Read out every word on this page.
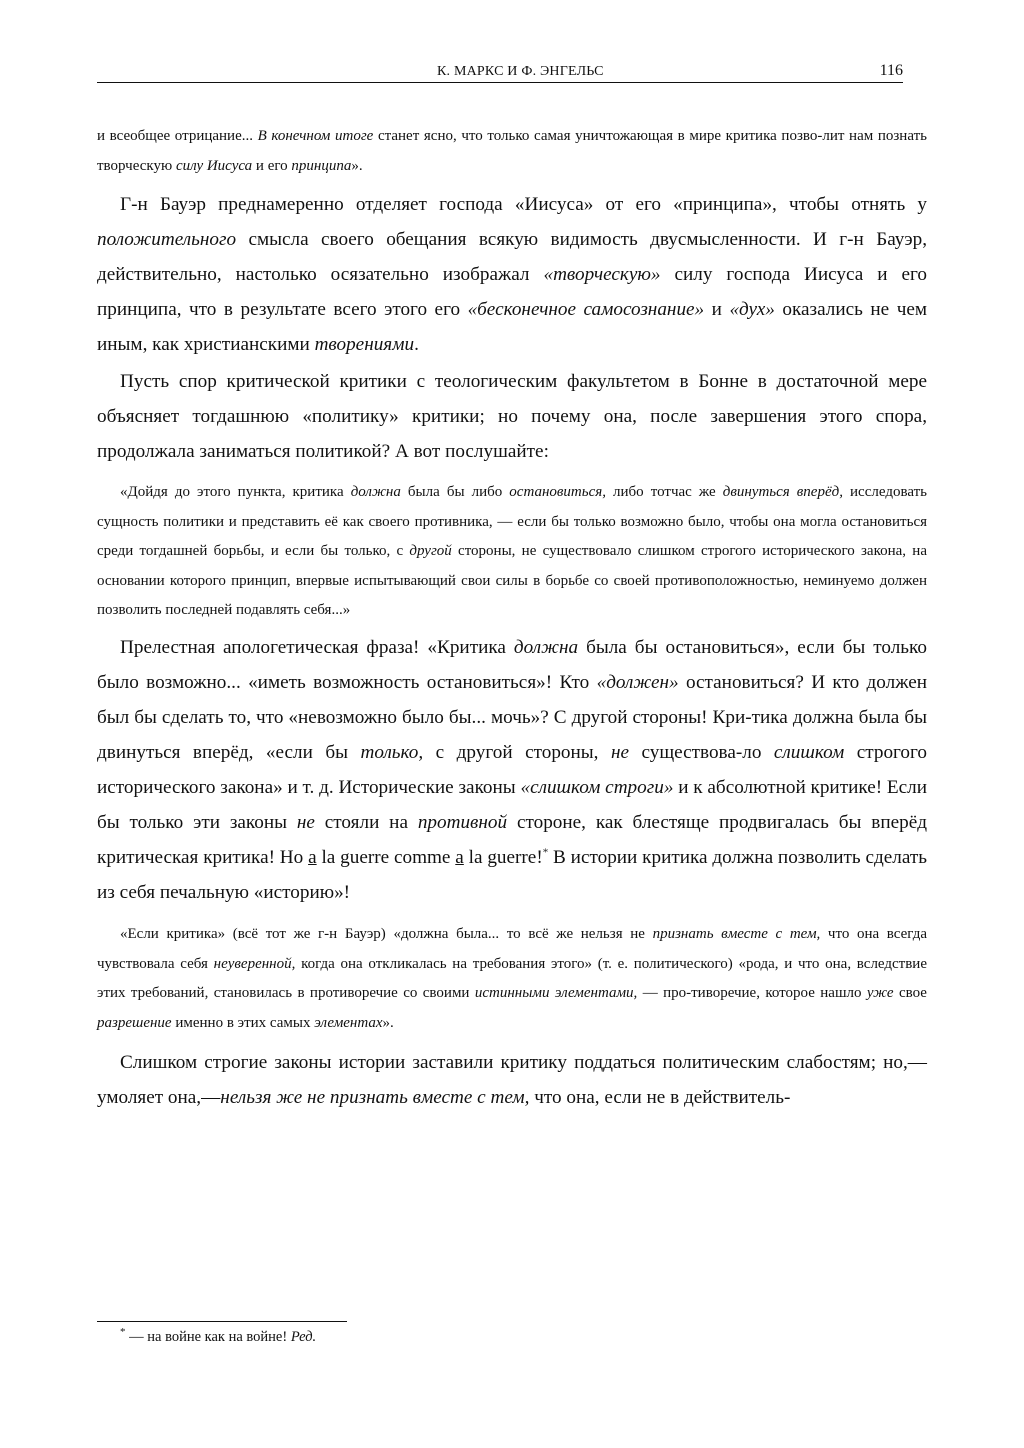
К. МАРКС И Ф. ЭНГЕЛЬС	116

и всеобщее отрицание... В конечном итоге станет ясно, что только самая уничтожающая в мире критика позво-лит нам познать творческую силу Иисуса и его принципа».

Г-н Бауэр преднамеренно отделяет господа «Иисуса» от его «принципа», чтобы отнять у положительного смысла своего обещания всякую видимость двусмысленности. И г-н Бауэр, действительно, настолько осязательно изображал «творческую» силу господа Иисуса и его принципа, что в результате всего этого его «бесконечное самосознание» и «дух» оказались не чем иным, как христианскими творениями.

Пусть спор критической критики с теологическим факультетом в Бонне в достаточной мере объясняет тогдашнюю «политику» критики; но почему она, после завершения этого спора, продолжала заниматься политикой? А вот послушайте:

«Дойдя до этого пункта, критика должна была бы либо остановиться, либо тотчас же двинуться вперёд, исследовать сущность политики и представить её как своего противника, — если бы только возможно было, чтобы она могла остановиться среди тогдашней борьбы, и если бы только, с другой стороны, не существовало слишком строгого исторического закона, на основании которого принцип, впервые испытывающий свои силы в борьбе со своей противоположностью, неминуемо должен позволить последней подавлять себя...»

Прелестная апологетическая фраза! «Критика должна была бы остановиться», если бы только было возможно... «иметь возможность остановиться»! Кто «должен» остановиться? И кто должен был бы сделать то, что «невозможно было бы... мочь»? С другой стороны! Кри-тика должна была бы двинуться вперёд, «если бы только, с другой стороны, не существова-ло слишком строгого исторического закона» и т. д. Исторические законы «слишком строги» и к абсолютной критике! Если бы только эти законы не стояли на противной стороне, как блестяще продвигалась бы вперёд критическая критика! Но a la guerre comme a la guerre!* В истории критика должна позволить сделать из себя печальную «историю»!

«Если критика» (всё тот же г-н Бауэр) «должна была... то всё же нельзя не признать вместе с тем, что она всегда чувствовала себя неуверенной, когда она откликалась на требования этого» (т. е. политического) «рода, и что она, вследствие этих требований, становилась в противоречие со своими истинными элементами, — про-тиворечие, которое нашло уже свое разрешение именно в этих самых элементах».

Слишком строгие законы истории заставили критику поддаться политическим слабостям; но,—умоляет она,—нельзя же не признать вместе с тем, что она, если не в действитель-

* — на войне как на войне! Ред.
